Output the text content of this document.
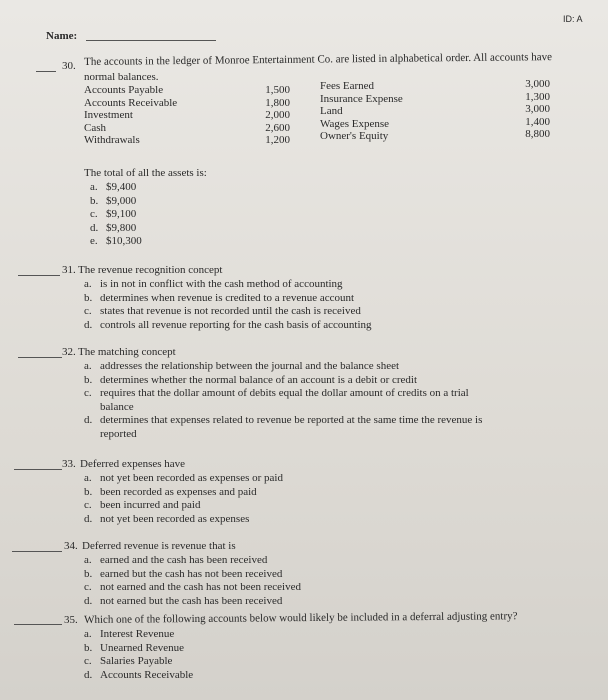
ID: A
Name:
30. The accounts in the ledger of Monroe Entertainment Co. are listed in alphabetical order. All accounts have
normal balances.
Accounts Payable
Accounts Receivable
Investment
Cash
Withdrawals
1,500
1,800
2,000
2,600
1,200
Fees Earned
Insurance Expense
Land
Wages Expense
Owner's Equity
3,000
1,300
3,000
1,400
8,800
The total of all the assets is:
a. $9,400
b. $9,000
c. $9,100
d. $9,800
e. $10,300
31. The revenue recognition concept
a. is in not in conflict with the cash method of accounting
b. determines when revenue is credited to a revenue account
c. states that revenue is not recorded until the cash is received
d. controls all revenue reporting for the cash basis of accounting
32. The matching concept
a. addresses the relationship between the journal and the balance sheet
b. determines whether the normal balance of an account is a debit or credit
c. requires that the dollar amount of debits equal the dollar amount of credits on a trial
balance
d. determines that expenses related to revenue be reported at the same time the revenue is
reported
33. Deferred expenses have
a. not yet been recorded as expenses or paid
b. been recorded as expenses and paid
c. been incurred and paid
d. not yet been recorded as expenses
34. Deferred revenue is revenue that is
a. earned and the cash has been received
b. earned but the cash has not been received
c. not earned and the cash has not been received
d. not earned but the cash has been received
35. Which one of the following accounts below would likely be included in a deferral adjusting entry?
a. Interest Revenue
b. Unearned Revenue
c. Salaries Payable
d. Accounts Receivable
